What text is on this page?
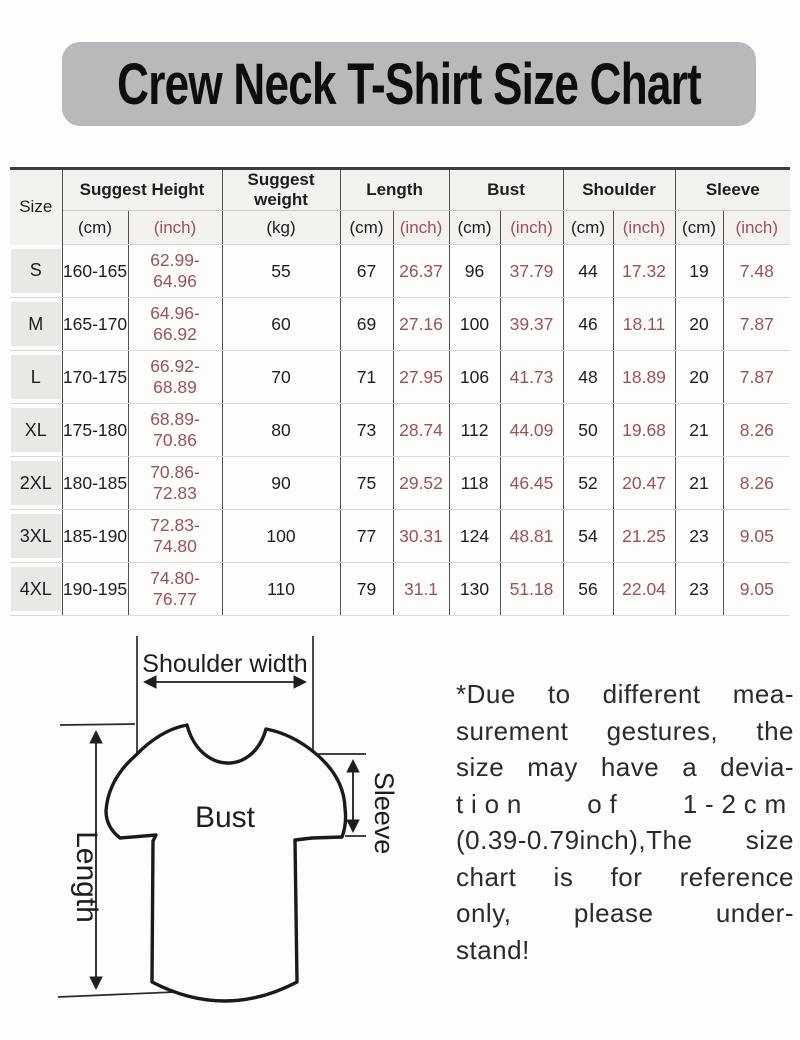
Crew Neck T-Shirt Size Chart
Size	Suggest Height		Suggest weight	Length		Bust		Shoulder		Sleeve	
	(cm)	(inch)	(kg)	(cm)	(inch)	(cm)	(inch)	(cm)	(inch)	(cm)	(inch)

S	160-165	62.99-64.96	55	67	26.37	96	37.79	44	17.32	19	7.48

M	165-170	64.96-66.92	60	69	27.16	100	39.37	46	18.11	20	7.87

L	170-175	66.92-68.89	70	71	27.95	106	41.73	48	18.89	20	7.87

XL	175-180	68.89-70.86	80	73	28.74	112	44.09	50	19.68	21	8.26

2XL	180-185	70.86-72.83	90	75	29.52	118	46.45	52	20.47	21	8.26

3XL	185-190	72.83-74.80	100	77	30.31	124	48.81	54	21.25	23	9.05

4XL	190-195	74.80-76.77	110	79	31.1	130	51.18	56	22.04	23	9.05
Shoulder width
Bust
Length
Sleeve
*Due to different mea-
surement gestures, the
size may have a devia-
tion of 1-2cm
(0.39-0.79inch),The size
chart is for reference
only, please under-
stand!
